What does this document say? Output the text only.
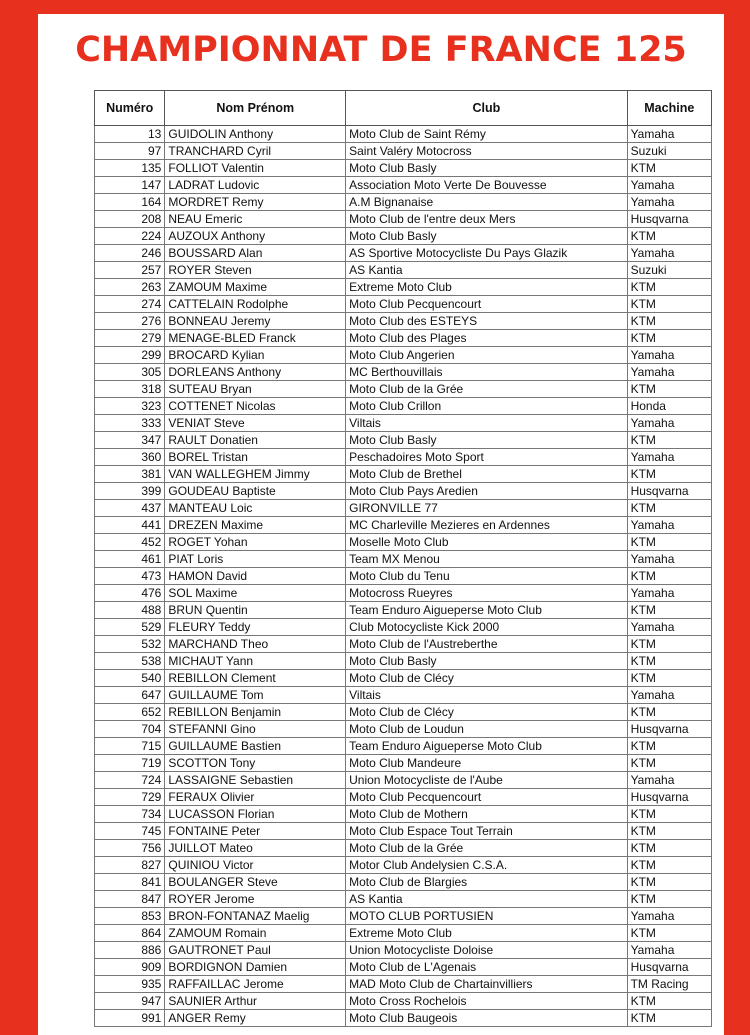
CHAMPIONNAT DE FRANCE 125
Numéro	Nom Prénom	Club	Machine
13	GUIDOLIN Anthony	Moto Club de Saint Rémy	Yamaha
97	TRANCHARD Cyril	Saint Valéry Motocross	Suzuki
135	FOLLIOT Valentin	Moto Club Basly	KTM
147	LADRAT Ludovic	Association Moto Verte De Bouvesse	Yamaha
164	MORDRET Remy	A.M Bignanaise	Yamaha
208	NEAU Emeric	Moto Club de l'entre deux Mers	Husqvarna
224	AUZOUX Anthony	Moto Club Basly	KTM
246	BOUSSARD Alan	AS Sportive Motocycliste Du Pays Glazik	Yamaha
257	ROYER Steven	AS Kantia	Suzuki
263	ZAMOUM Maxime	Extreme Moto Club	KTM
274	CATTELAIN Rodolphe	Moto Club Pecquencourt	KTM
276	BONNEAU Jeremy	Moto Club des ESTEYS	KTM
279	MENAGE-BLED Franck	Moto Club des Plages	KTM
299	BROCARD Kylian	Moto Club Angerien	Yamaha
305	DORLEANS Anthony	MC Berthouvillais	Yamaha
318	SUTEAU Bryan	Moto Club de la Grée	KTM
323	COTTENET Nicolas	Moto Club Crillon	Honda
333	VENIAT Steve	Viltais	Yamaha
347	RAULT Donatien	Moto Club Basly	KTM
360	BOREL Tristan	Peschadoires Moto Sport	Yamaha
381	VAN WALLEGHEM Jimmy	Moto Club de Brethel	KTM
399	GOUDEAU Baptiste	Moto Club Pays Aredien	Husqvarna
437	MANTEAU Loic	GIRONVILLE 77	KTM
441	DREZEN Maxime	MC Charleville Mezieres en Ardennes	Yamaha
452	ROGET Yohan	Moselle Moto Club	KTM
461	PIAT Loris	Team MX Menou	Yamaha
473	HAMON David	Moto Club du Tenu	KTM
476	SOL Maxime	Motocross Rueyres	Yamaha
488	BRUN Quentin	Team Enduro Aigueperse Moto Club	KTM
529	FLEURY Teddy	Club Motocycliste Kick 2000	Yamaha
532	MARCHAND Theo	Moto Club de l'Austreberthe	KTM
538	MICHAUT Yann	Moto Club Basly	KTM
540	REBILLON Clement	Moto Club de Clécy	KTM
647	GUILLAUME Tom	Viltais	Yamaha
652	REBILLON Benjamin	Moto Club de Clécy	KTM
704	STEFANNI Gino	Moto Club de Loudun	Husqvarna
715	GUILLAUME Bastien	Team Enduro Aigueperse Moto Club	KTM
719	SCOTTON Tony	Moto Club Mandeure	KTM
724	LASSAIGNE Sebastien	Union Motocycliste de l'Aube	Yamaha
729	FERAUX Olivier	Moto Club Pecquencourt	Husqvarna
734	LUCASSON Florian	Moto Club de Mothern	KTM
745	FONTAINE Peter	Moto Club Espace Tout Terrain	KTM
756	JUILLOT Mateo	Moto Club de la Grée	KTM
827	QUINIOU Victor	Motor Club Andelysien C.S.A.	KTM
841	BOULANGER Steve	Moto Club de Blargies	KTM
847	ROYER Jerome	AS Kantia	KTM
853	BRON-FONTANAZ Maelig	MOTO CLUB PORTUSIEN	Yamaha
864	ZAMOUM Romain	Extreme Moto Club	KTM
886	GAUTRONET Paul	Union Motocycliste Doloise	Yamaha
909	BORDIGNON Damien	Moto Club de L'Agenais	Husqvarna
935	RAFFAILLAC Jerome	MAD Moto Club de Chartainvilliers	TM Racing
947	SAUNIER Arthur	Moto Cross Rochelois	KTM
991	ANGER Remy	Moto Club Baugeois	KTM
